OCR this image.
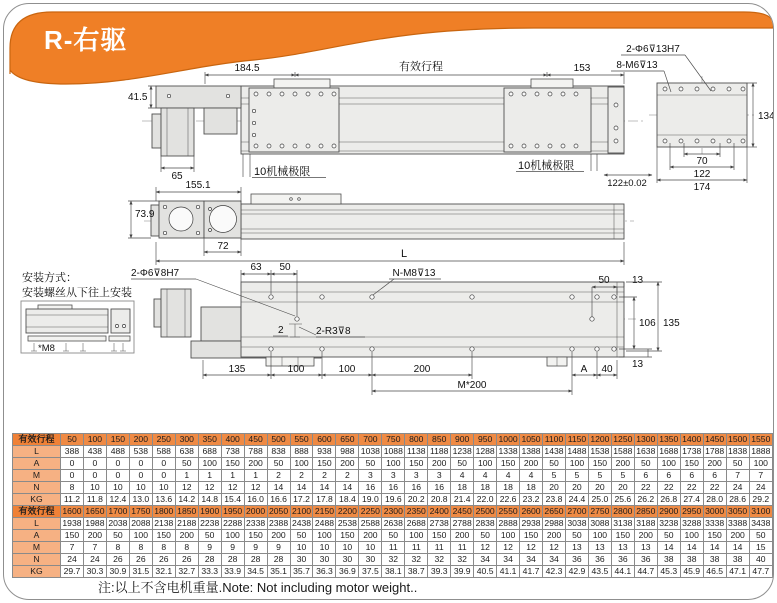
R-右驱
184.5	有效行程	153
41.5
65	10机械极限	10机械极限
122±0.02
2-Φ6⊽13H7
8-M6⊽13
134
70
122
174
155.1
73.9
72
L
63 50
2-Φ6⊽8H7	N-M8⊽13
2	2-R3⊽8
135	100	100	200	A 40
M*200
50 13
106 135
13
安装方式：
安装螺丝从下往上安装
*M8
有效行程	50	100	150	200	250	300	350	400	450	500	550	600	650	700	750	800	850	900	950	1000	1050	1100	1150	1200	1250	1300	1350	1400	1450	1500	1550
L	388	438	488	538	588	638	688	738	788	838	888	938	988	1038	1088	1138	1188	1238	1288	1338	1388	1438	1488	1538	1588	1638	1688	1738	1788	1838	1888
A	0	0	0	0	0	50	100	150	200	50	100	150	200	50	100	150	200	50	100	150	200	50	100	150	200	50	100	150	200	50	100
M	0	0	0	0	0	1	1	1	1	2	2	2	2	3	3	3	3	4	4	4	4	5	5	5	5	6	6	6	6	7	7
N	8	10	10	10	10	12	12	12	12	14	14	14	14	16	16	16	16	18	18	18	18	20	20	20	20	22	22	22	22	24	24
KG	11.2	11.8	12.4	13.0	13.6	14.2	14.8	15.4	16.0	16.6	17.2	17.8	18.4	19.0	19.6	20.2	20.8	21.4	22.0	22.6	23.2	23.8	24.4	25.0	25.6	26.2	26.8	27.4	28.0	28.6	29.2
有效行程	1600	1650	1700	1750	1800	1850	1900	1950	2000	2050	2100	2150	2200	2250	2300	2350	2400	2450	2500	2550	2600	2650	2700	2750	2800	2850	2900	2950	3000	3050	3100
L	1938	1988	2038	2088	2138	2188	2238	2288	2338	2388	2438	2488	2538	2588	2638	2688	2738	2788	2838	2888	2938	2988	3038	3088	3138	3188	3238	3288	3338	3388	3438
A	150	200	50	100	150	200	50	100	150	200	50	100	150	200	50	100	150	200	50	100	150	200	50	100	150	200	50	100	150	200	50
M	7	7	8	8	8	8	9	9	9	9	10	10	10	10	11	11	11	11	12	12	12	12	13	13	13	13	14	14	14	14	15
N	24	24	26	26	26	26	28	28	28	28	30	30	30	30	32	32	32	32	34	34	34	34	36	36	36	36	38	38	38	38	40
KG	29.7	30.3	30.9	31.5	32.1	32.7	33.3	33.9	34.5	35.1	35.7	36.3	36.9	37.5	38.1	38.7	39.3	39.9	40.5	41.1	41.7	42.3	42.9	43.5	44.1	44.7	45.3	45.9	46.5	47.1	47.7
注:以上不含电机重量.Note: Not including motor weight..
